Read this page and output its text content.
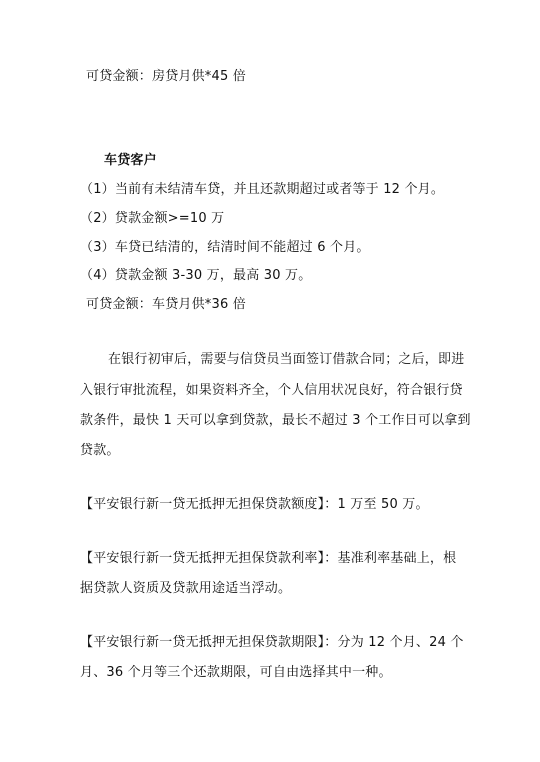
可贷金额：房贷月供*45 倍
车贷客户
（1）当前有未结清车贷，并且还款期超过或者等于 12 个月。
（2）贷款金额>=10 万
（3）车贷已结清的，结清时间不能超过 6 个月。
（4）贷款金额 3-30 万，最高 30 万。
可贷金额：车贷月供*36 倍
在银行初审后，需要与信贷员当面签订借款合同；之后，即进
入银行审批流程，如果资料齐全，个人信用状况良好，符合银行贷
款条件，最快 1 天可以拿到贷款，最长不超过 3 个工作日可以拿到
贷款。
【平安银行新一贷无抵押无担保贷款额度】：1 万至 50 万。
【平安银行新一贷无抵押无担保贷款利率】：基准利率基础上，根
据贷款人资质及贷款用途适当浮动。
【平安银行新一贷无抵押无担保贷款期限】：分为 12 个月、24 个
月、36 个月等三个还款期限，可自由选择其中一种。
